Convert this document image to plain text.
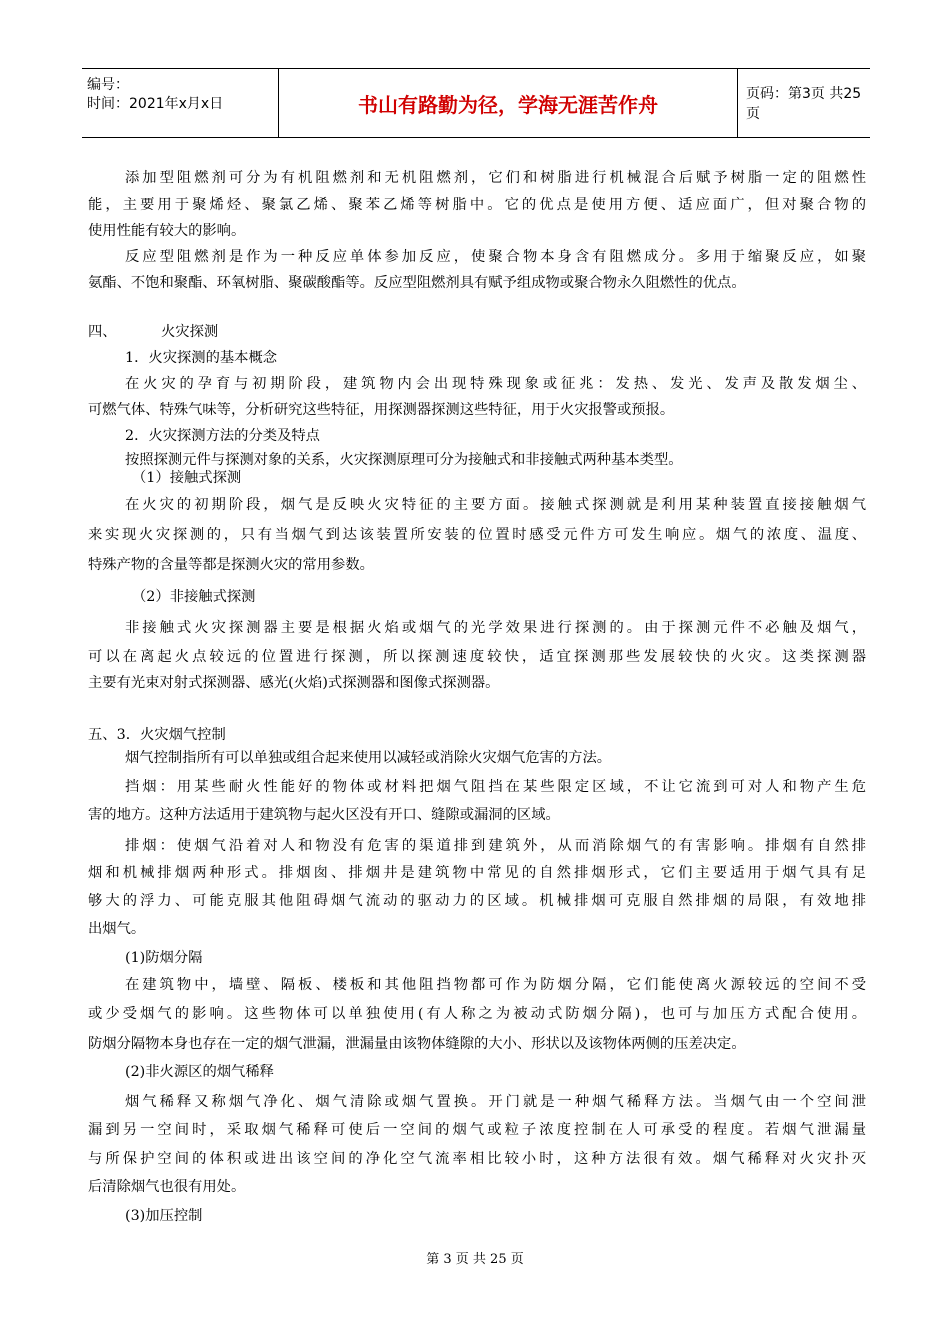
编号：
时间：2021年x月x日	书山有路勤为径，学海无涯苦作舟	页码：第3页 共25页
添加型阻燃剂可分为有机阻燃剂和无机阻燃剂，它们和树脂进行机械混合后赋予树脂一定的阻燃性
能，主要用于聚烯烃、聚氯乙烯、聚苯乙烯等树脂中。它的优点是使用方便、适应面广，但对聚合物的
使用性能有较大的影响。
反应型阻燃剂是作为一种反应单体参加反应，使聚合物本身含有阻燃成分。多用于缩聚反应，如聚
氨酯、不饱和聚酯、环氧树脂、聚碳酸酯等。反应型阻燃剂具有赋予组成物或聚合物永久阻燃性的优点。
四、	火灾探测
1．火灾探测的基本概念
在火灾的孕育与初期阶段，建筑物内会出现特殊现象或征兆：发热、发光、发声及散发烟尘、
可燃气体、特殊气味等，分析研究这些特征，用探测器探测这些特征，用于火灾报警或预报。
2．火灾探测方法的分类及特点
按照探测元件与探测对象的关系，火灾探测原理可分为接触式和非接触式两种基本类型。
（1）接触式探测
在火灾的初期阶段，烟气是反映火灾特征的主要方面。接触式探测就是利用某种装置直接接触烟气
来实现火灾探测的，只有当烟气到达该装置所安装的位置时感受元件方可发生响应。烟气的浓度、温度、
特殊产物的含量等都是探测火灾的常用参数。
（2）非接触式探测
非接触式火灾探测器主要是根据火焰或烟气的光学效果进行探测的。由于探测元件不必触及烟气，
可以在离起火点较远的位置进行探测，所以探测速度较快，适宜探测那些发展较快的火灾。这类探测器
主要有光束对射式探测器、感光(火焰)式探测器和图像式探测器。
五、3．火灾烟气控制
烟气控制指所有可以单独或组合起来使用以减轻或消除火灾烟气危害的方法。
挡烟：用某些耐火性能好的物体或材料把烟气阻挡在某些限定区域，不让它流到可对人和物产生危
害的地方。这种方法适用于建筑物与起火区没有开口、缝隙或漏洞的区域。
排烟：使烟气沿着对人和物没有危害的渠道排到建筑外，从而消除烟气的有害影响。排烟有自然排
烟和机械排烟两种形式。排烟囱、排烟井是建筑物中常见的自然排烟形式，它们主要适用于烟气具有足
够大的浮力、可能克服其他阻碍烟气流动的驱动力的区域。机械排烟可克服自然排烟的局限，有效地排
出烟气。
(1)防烟分隔
在建筑物中，墙壁、隔板、楼板和其他阻挡物都可作为防烟分隔，它们能使离火源较远的空间不受
或少受烟气的影响。这些物体可以单独使用(有人称之为被动式防烟分隔)，也可与加压方式配合使用。
防烟分隔物本身也存在一定的烟气泄漏，泄漏量由该物体缝隙的大小、形状以及该物体两侧的压差决定。
(2)非火源区的烟气稀释
烟气稀释又称烟气净化、烟气清除或烟气置换。开门就是一种烟气稀释方法。当烟气由一个空间泄
漏到另一空间时，采取烟气稀释可使后一空间的烟气或粒子浓度控制在人可承受的程度。若烟气泄漏量
与所保护空间的体积或进出该空间的净化空气流率相比较小时，这种方法很有效。烟气稀释对火灾扑灭
后清除烟气也很有用处。
(3)加压控制
第 3 页 共 25 页
